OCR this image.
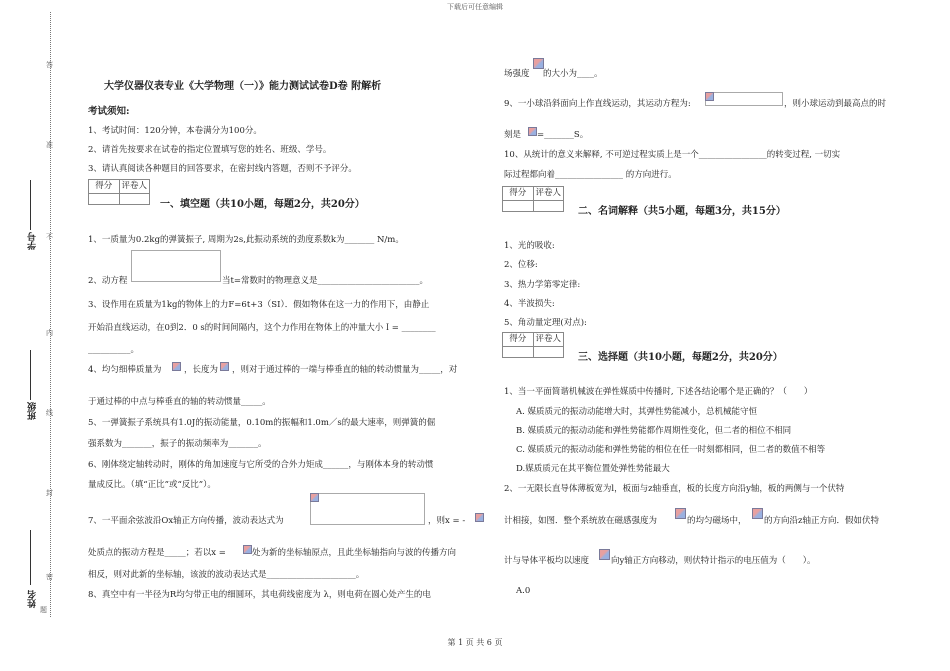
下载后可任意编辑
第 1 页 共 6 页
答
准
不
内
线
封
密
题
学号
班级
姓名
大学仪器仪表专业《大学物理（一）》能力测试试卷D卷 附解析
考试须知:
1、考试时间：120分钟，本卷满分为100分。
2、请首先按要求在试卷的指定位置填写您的姓名、班级、学号。
3、请认真阅读各种题目的回答要求，在密封线内答题，否则不予评分。
得分	评卷人
一、填空题（共10小题，每题2分，共20分）
1、一质量为0.2kg的弹簧振子, 周期为2s,此振动系统的劲度系数k为_______ N/m。
2、动方程	当t=常数时的物理意义是________________________。
3、设作用在质量为1kg的物体上的力F=6t+3（SI）．假如物体在这一力的作用下，由静止
开始沿直线运动，在0到2．0 s的时间间隔内，这个力作用在物体上的冲量大小Ｉ= ________
__________。
4、均匀细棒质量为	，长度为 ，则对于通过棒的一端与棒垂直的轴的转动惯量为_____，对
于通过棒的中点与棒垂直的轴的转动惯量_____。
5、一弹簧振子系统具有1.0J的振动能量，0.10m的振幅和1.0m／s的最大速率，则弹簧的倔
强系数为_______，振子的振动频率为_______。
6、刚体绕定轴转动时，刚体的角加速度与它所受的合外力矩成______，与刚体本身的转动惯
量成反比。（填“正比”或“反比”）。
7、一平面余弦波沿Ox轴正方向传播，波动表达式为	，则x = -
处质点的振动方程是_____；若以x =	处为新的坐标轴原点，且此坐标轴指向与波的传播方向
相反，则对此新的坐标轴，该波的波动表达式是_____________________。
8、真空中有一半径为R均匀带正电的细圆环，其电荷线密度为 λ，则电荷在圆心处产生的电
场强度 的大小为____。
9、一小球沿斜面向上作直线运动，其运动方程为:	，则小球运动到最高点的时
刻是 =_______S。
10、从统计的意义来解释, 不可逆过程实质上是一个________________的转变过程, 一切实
际过程都向着________________ 的方向进行。
得分	评卷人
二、名词解释（共5小题，每题3分，共15分）
1、光的吸收:
2、位移:
3、热力学第零定律:
4、半波损失:
5、角动量定理(对点):
得分	评卷人
三、选择题（共10小题，每题2分，共20分）
1、当一平面简谐机械波在弹性媒质中传播时, 下述各结论哪个是正确的？（　　）
A. 媒质质元的振动动能增大时，其弹性势能减小，总机械能守恒
B. 媒质质元的振动动能和弹性势能都作周期性变化，但二者的相位不相同
C. 媒质质元的振动动能和弹性势能的相位在任一时刻都相同，但二者的数值不相等
D.媒质质元在其平衡位置处弹性势能最大
2、一无限长直导体薄板宽为l，板面与z轴垂直，板的长度方向沿y轴，板的两侧与一个伏特
计相接，如图．整个系统放在磁感强度为	的均匀磁场中， 的方向沿z轴正方向．假如伏特
计与导体平板均以速度	向y轴正方向移动，则伏特计指示的电压值为（　　）。
A.0
